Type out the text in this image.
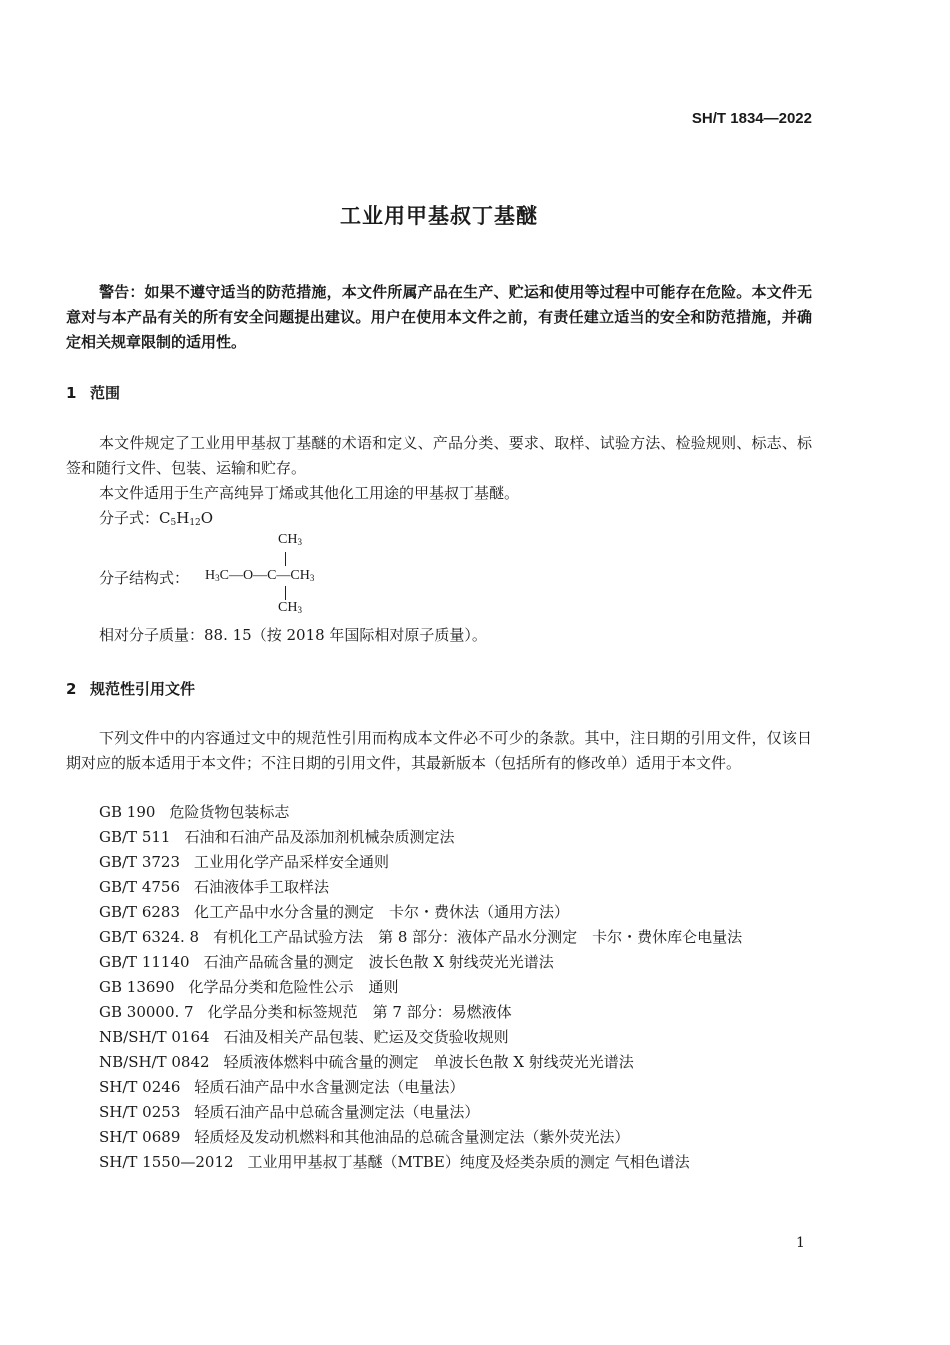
SH/T 1834—2022
工业用甲基叔丁基醚
警告：如果不遵守适当的防范措施，本文件所属产品在生产、贮运和使用等过程中可能存在危险。本文件无意对与本产品有关的所有安全问题提出建议。用户在使用本文件之前，有责任建立适当的安全和防范措施，并确定相关规章限制的适用性。
1 范围
本文件规定了工业用甲基叔丁基醚的术语和定义、产品分类、要求、取样、试验方法、检验规则、标志、标签和随行文件、包装、运输和贮存。
本文件适用于生产高纯异丁烯或其他化工用途的甲基叔丁基醚。
分子式：$C_5H_{12}O$
分子结构式：
$CH_3$
$H_3C—O—C—CH_3$
$CH_3$
相对分子质量：88. 15（按 2018 年国际相对原子质量）。
2 规范性引用文件
下列文件中的内容通过文中的规范性引用而构成本文件必不可少的条款。其中，注日期的引用文件，仅该日期对应的版本适用于本文件；不注日期的引用文件，其最新版本（包括所有的修改单）适用于本文件。
GB 190 危险货物包装标志
GB/T 511 石油和石油产品及添加剂机械杂质测定法
GB/T 3723 工业用化学产品采样安全通则
GB/T 4756 石油液体手工取样法
GB/T 6283 化工产品中水分含量的测定　卡尔・费休法（通用方法）
GB/T 6324. 8 有机化工产品试验方法　第 8 部分：液体产品水分测定　卡尔・费休库仑电量法
GB/T 11140 石油产品硫含量的测定　波长色散 X 射线荧光光谱法
GB 13690 化学品分类和危险性公示　通则
GB 30000. 7 化学品分类和标签规范　第 7 部分：易燃液体
NB/SH/T 0164 石油及相关产品包装、贮运及交货验收规则
NB/SH/T 0842 轻质液体燃料中硫含量的测定　单波长色散 X 射线荧光光谱法
SH/T 0246 轻质石油产品中水含量测定法（电量法）
SH/T 0253 轻质石油产品中总硫含量测定法（电量法）
SH/T 0689 轻质烃及发动机燃料和其他油品的总硫含量测定法（紫外荧光法）
SH/T 1550—2012 工业用甲基叔丁基醚（MTBE）纯度及烃类杂质的测定 气相色谱法
1
